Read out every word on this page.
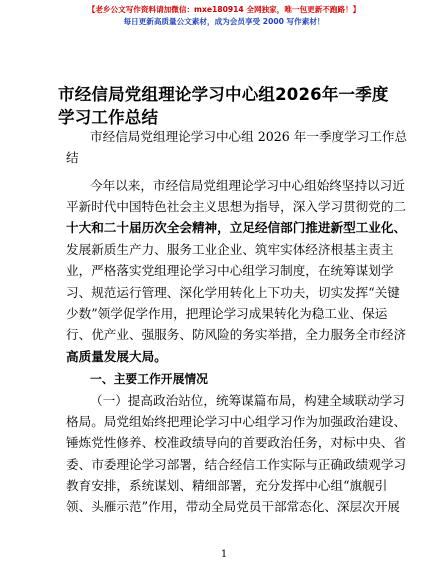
【老乡公文写作资料请加微信：mxe180914 全网独家，唯一包更新不跑路！】
每日更新高质量公文素材，成为会员享受 2000 写作素材！
市经信局党组理论学习中心组2026年一季度学习工作总结
市经信局党组理论学习中心组 2026 年一季度学习工作总
结
今年以来，市经信局党组理论学习中心组始终坚持以习近
平新时代中国特色社会主义思想为指导，深入学习贯彻党的二
十大和二十届历次全会精神，立足经信部门推进新型工业化、
发展新质生产力、服务工业企业、筑牢实体经济根基主责主
业，严格落实党组理论学习中心组学习制度，在统筹谋划学
习、规范运行管理、深化学用转化上下功夫，切实发挥“关键
少数”领学促学作用，把理论学习成果转化为稳工业、保运
行、优产业、强服务、防风险的务实举措，全力服务全市经济
高质量发展大局。
一、主要工作开展情况
（一）提高政治站位，统筹谋篇布局，构建全域联动学习
格局。局党组始终把理论学习中心组学习作为加强政治建设、
锤炼党性修养、校准政绩导向的首要政治任务，对标中央、省
委、市委理论学习部署，结合经信工作实际与正确政绩观学习
教育安排，系统谋划、精细部署，充分发挥中心组“旗舰引
领、头雁示范”作用，带动全局党员干部常态化、深层次开展
1
